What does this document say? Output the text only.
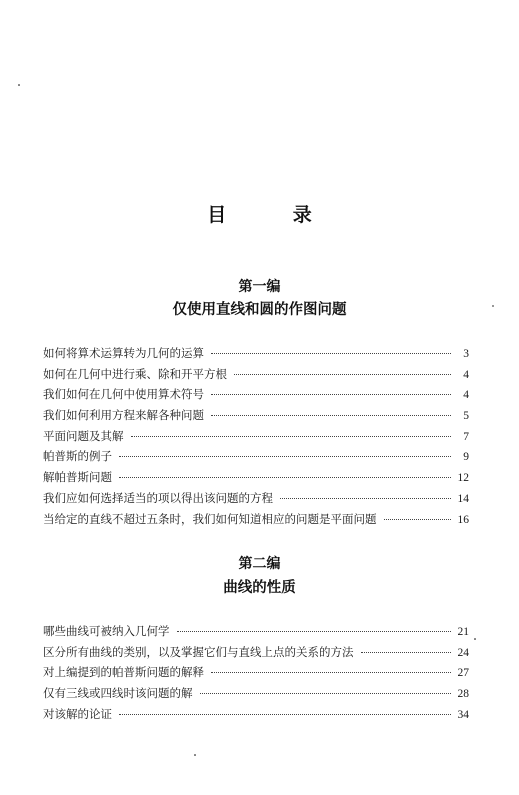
目 录
第一编
仅使用直线和圆的作图问题
如何将算术运算转为几何的运算	3
如何在几何中进行乘、除和开平方根	4
我们如何在几何中使用算术符号	4
我们如何利用方程来解各种问题	5
平面问题及其解	7
帕普斯的例子	9
解帕普斯问题	12
我们应如何选择适当的项以得出该问题的方程	14
当给定的直线不超过五条时，我们如何知道相应的问题是平面问题	16
第二编
曲线的性质
哪些曲线可被纳入几何学	21
区分所有曲线的类别，以及掌握它们与直线上点的关系的方法	24
对上编提到的帕普斯问题的解释	27
仅有三线或四线时该问题的解	28
对该解的论证	34
